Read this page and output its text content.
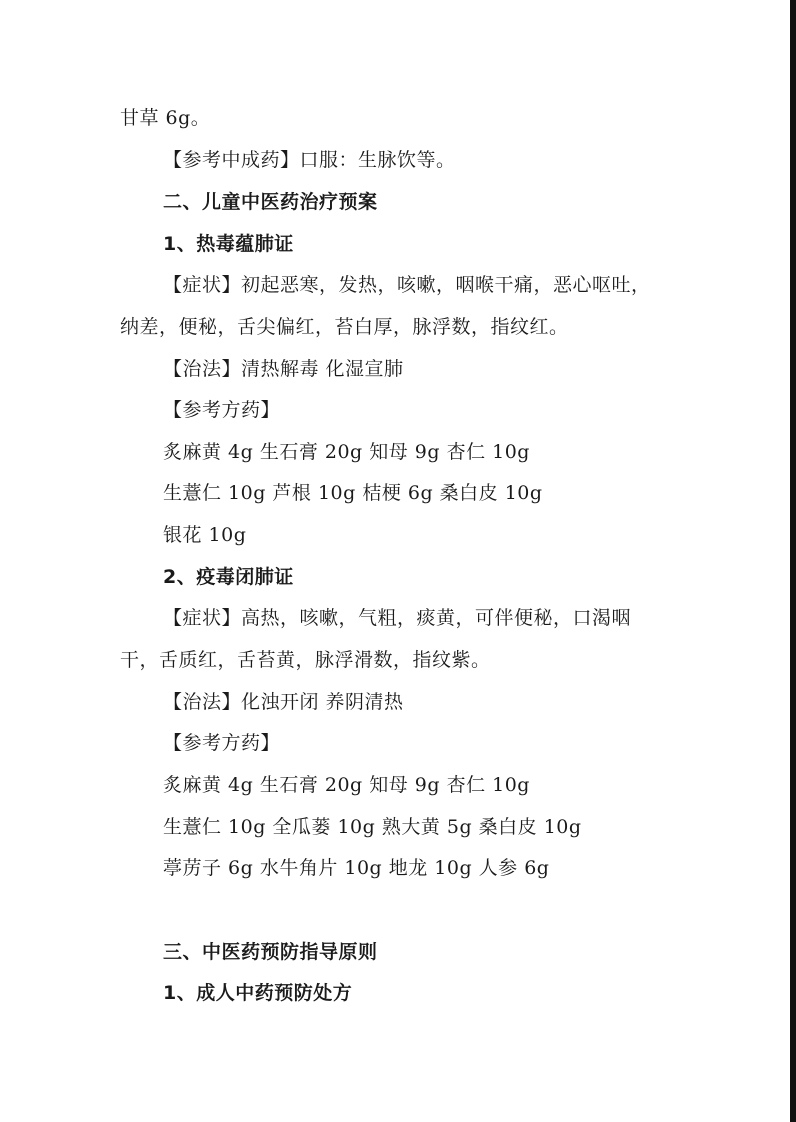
甘草 6g。
【参考中成药】口服：生脉饮等。
二、儿童中医药治疗预案
1、热毒蕴肺证
【症状】初起恶寒，发热，咳嗽，咽喉干痛，恶心呕吐，
纳差，便秘，舌尖偏红，苔白厚，脉浮数，指纹红。
【治法】清热解毒 化湿宣肺
【参考方药】
炙麻黄 4g 生石膏 20g 知母 9g 杏仁 10g
生薏仁 10g 芦根 10g 桔梗 6g 桑白皮 10g
银花 10g
2、疫毒闭肺证
【症状】高热，咳嗽，气粗，痰黄，可伴便秘，口渴咽
干，舌质红，舌苔黄，脉浮滑数，指纹紫。
【治法】化浊开闭 养阴清热
【参考方药】
炙麻黄 4g 生石膏 20g 知母 9g 杏仁 10g
生薏仁 10g 全瓜蒌 10g 熟大黄 5g 桑白皮 10g
葶苈子 6g 水牛角片 10g 地龙 10g 人参 6g
三、中医药预防指导原则
1、成人中药预防处方
